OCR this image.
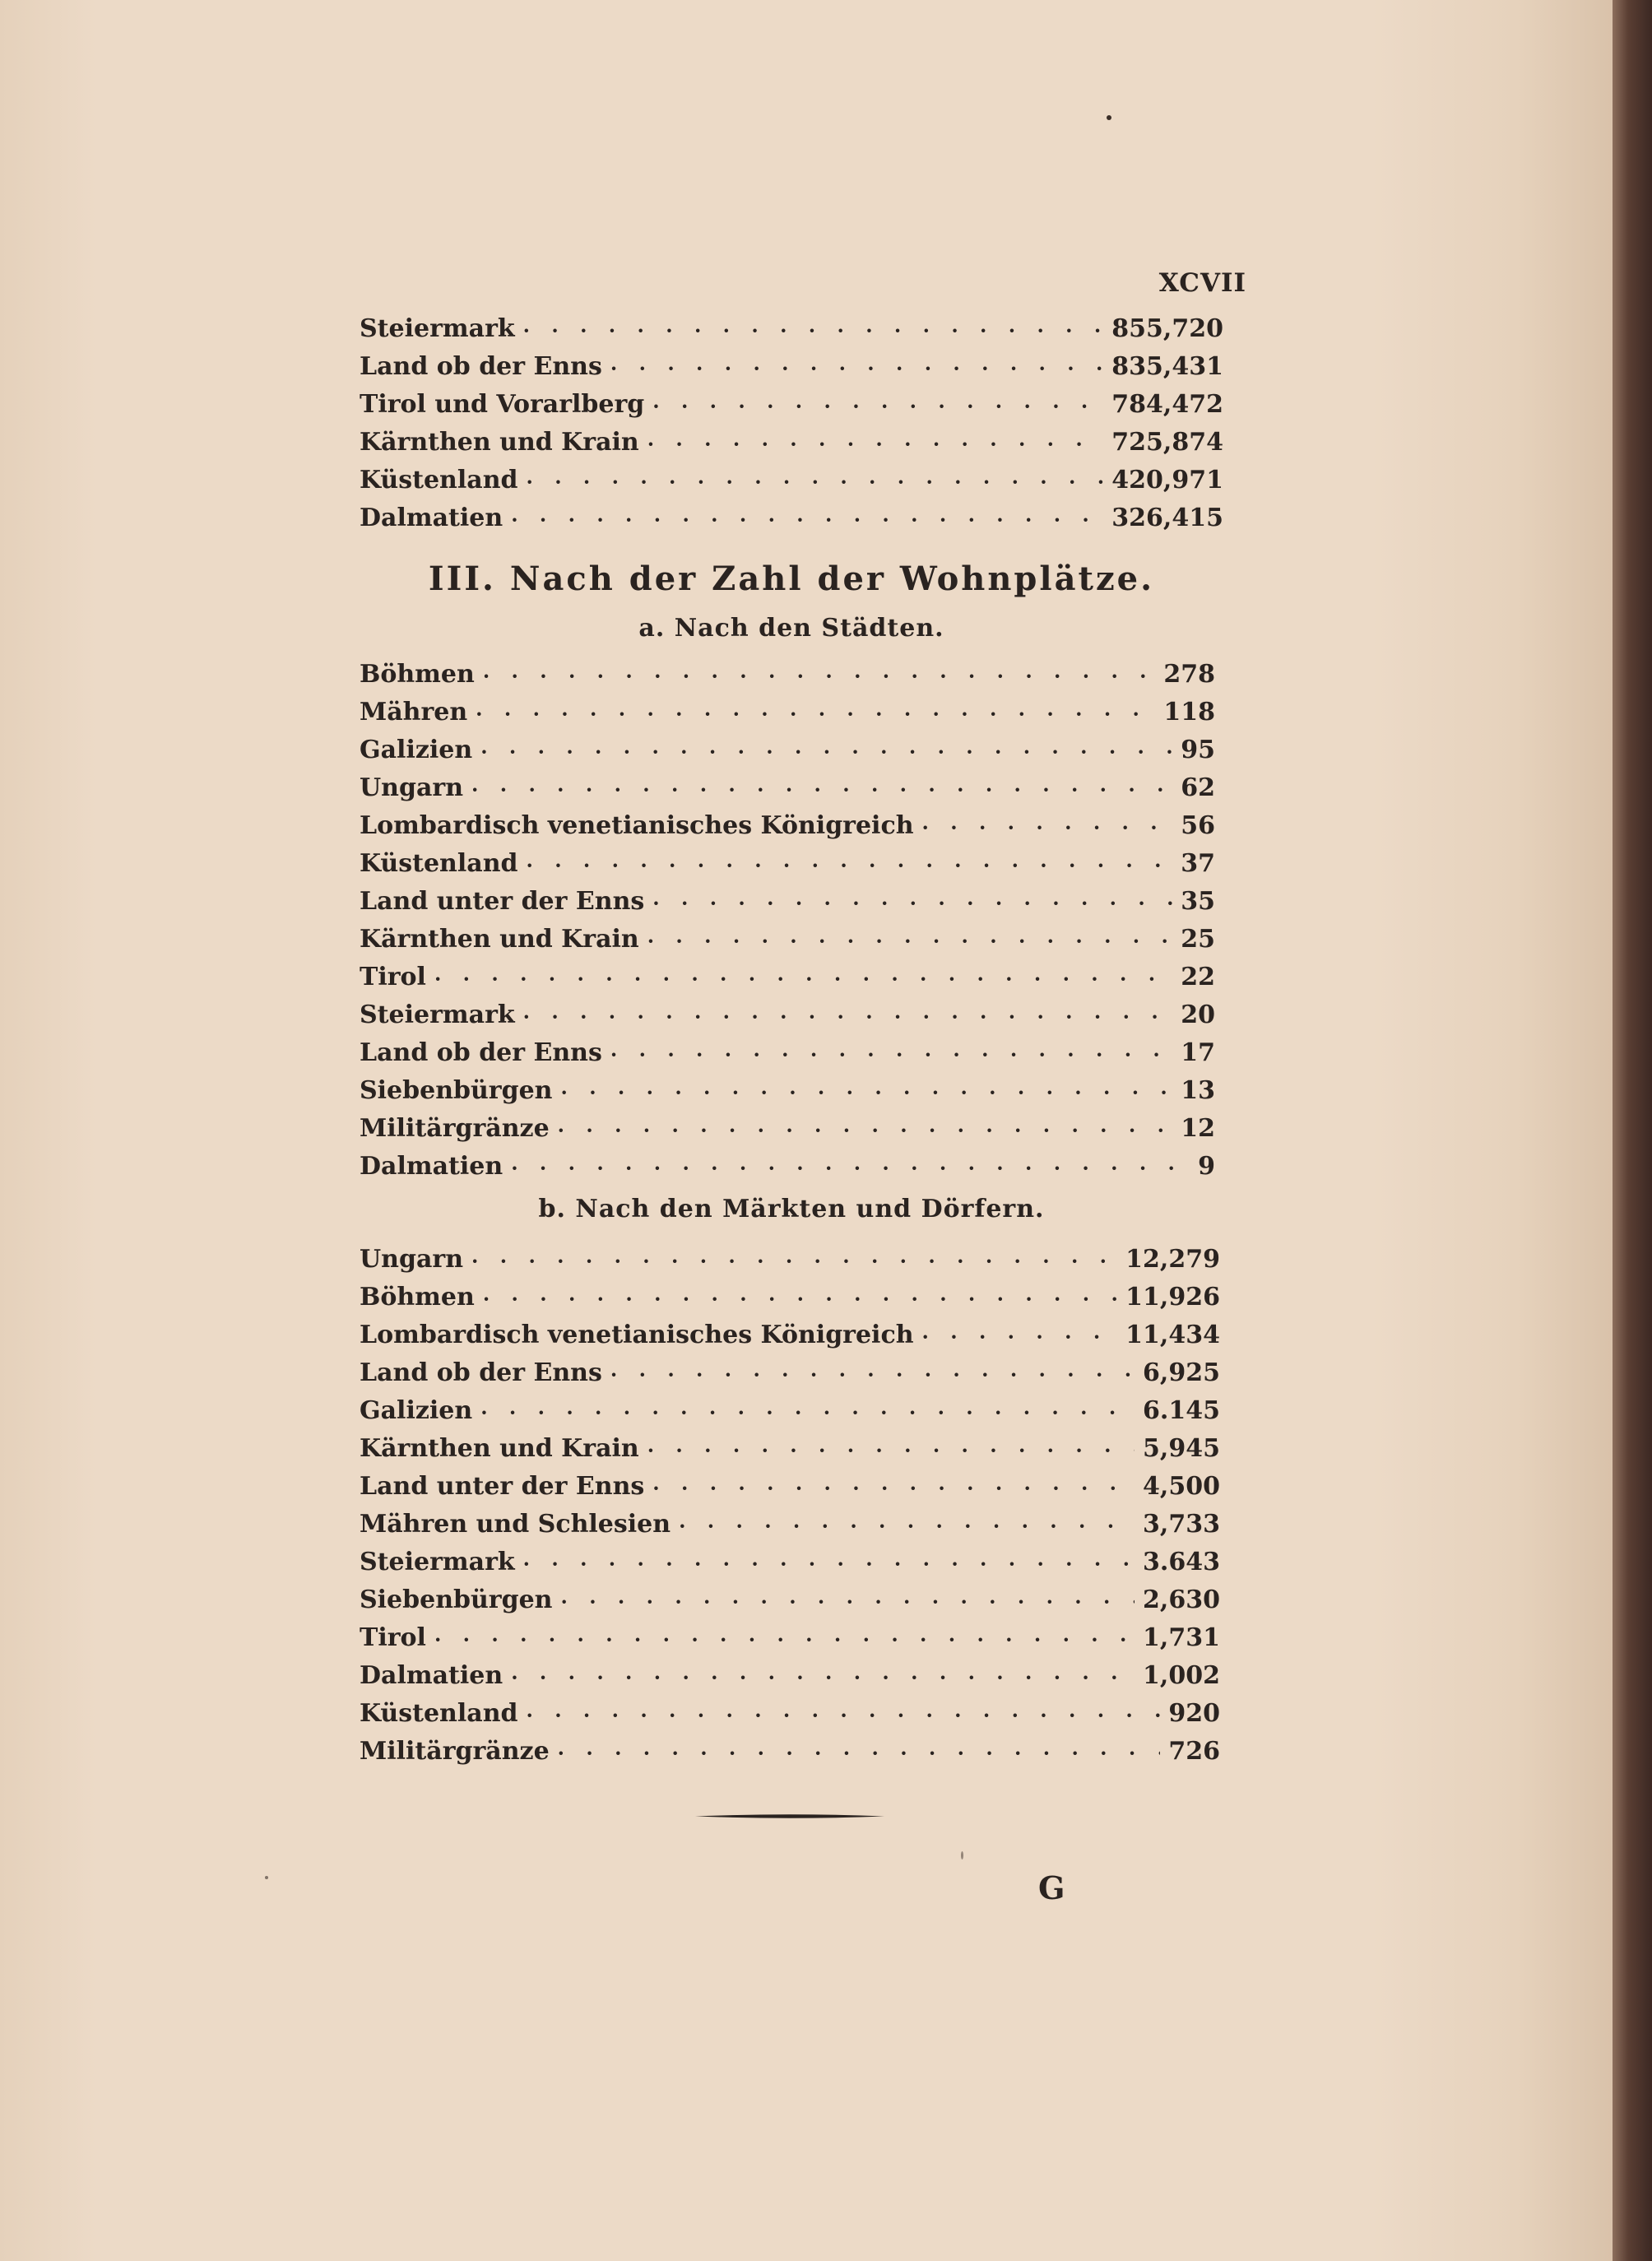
XCVII
Steiermark · · ·	855,720
Land ob der Enns · · ·	835,431
Tirol und Vorarlberg · · ·	784,472
Kärnthen und Krain · · ·	725,874
Küstenland · · ·	420,971
Dalmatien · · ·	326,415
III. Nach der Zahl der Wohnplätze.
a. Nach den Städten.
Böhmen · · ·	278
Mähren · · ·	118
Galizien · · ·	95
Ungarn · · ·	62
Lombardisch venetianisches Königreich · · ·	56
Küstenland · · ·	37
Land unter der Enns · · ·	35
Kärnthen und Krain · · ·	25
Tirol · · ·	22
Steiermark · · ·	20
Land ob der Enns · · ·	17
Siebenbürgen · · ·	13
Militärgränze · · ·	12
Dalmatien · · ·	9
b. Nach den Märkten und Dörfern.
Ungarn · · ·	12,279
Böhmen · · ·	11,926
Lombardisch venetianisches Königreich · · ·	11,434
Land ob der Enns · · ·	6,925
Galizien · · ·	6.145
Kärnthen und Krain · · ·	5,945
Land unter der Enns · · ·	4,500
Mähren und Schlesien · · ·	3,733
Steiermark · · ·	3.643
Siebenbürgen · · ·	2,630
Tirol · · ·	1,731
Dalmatien · · ·	1,002
Küstenland · · ·	920
Militärgränze · · ·	726
G
